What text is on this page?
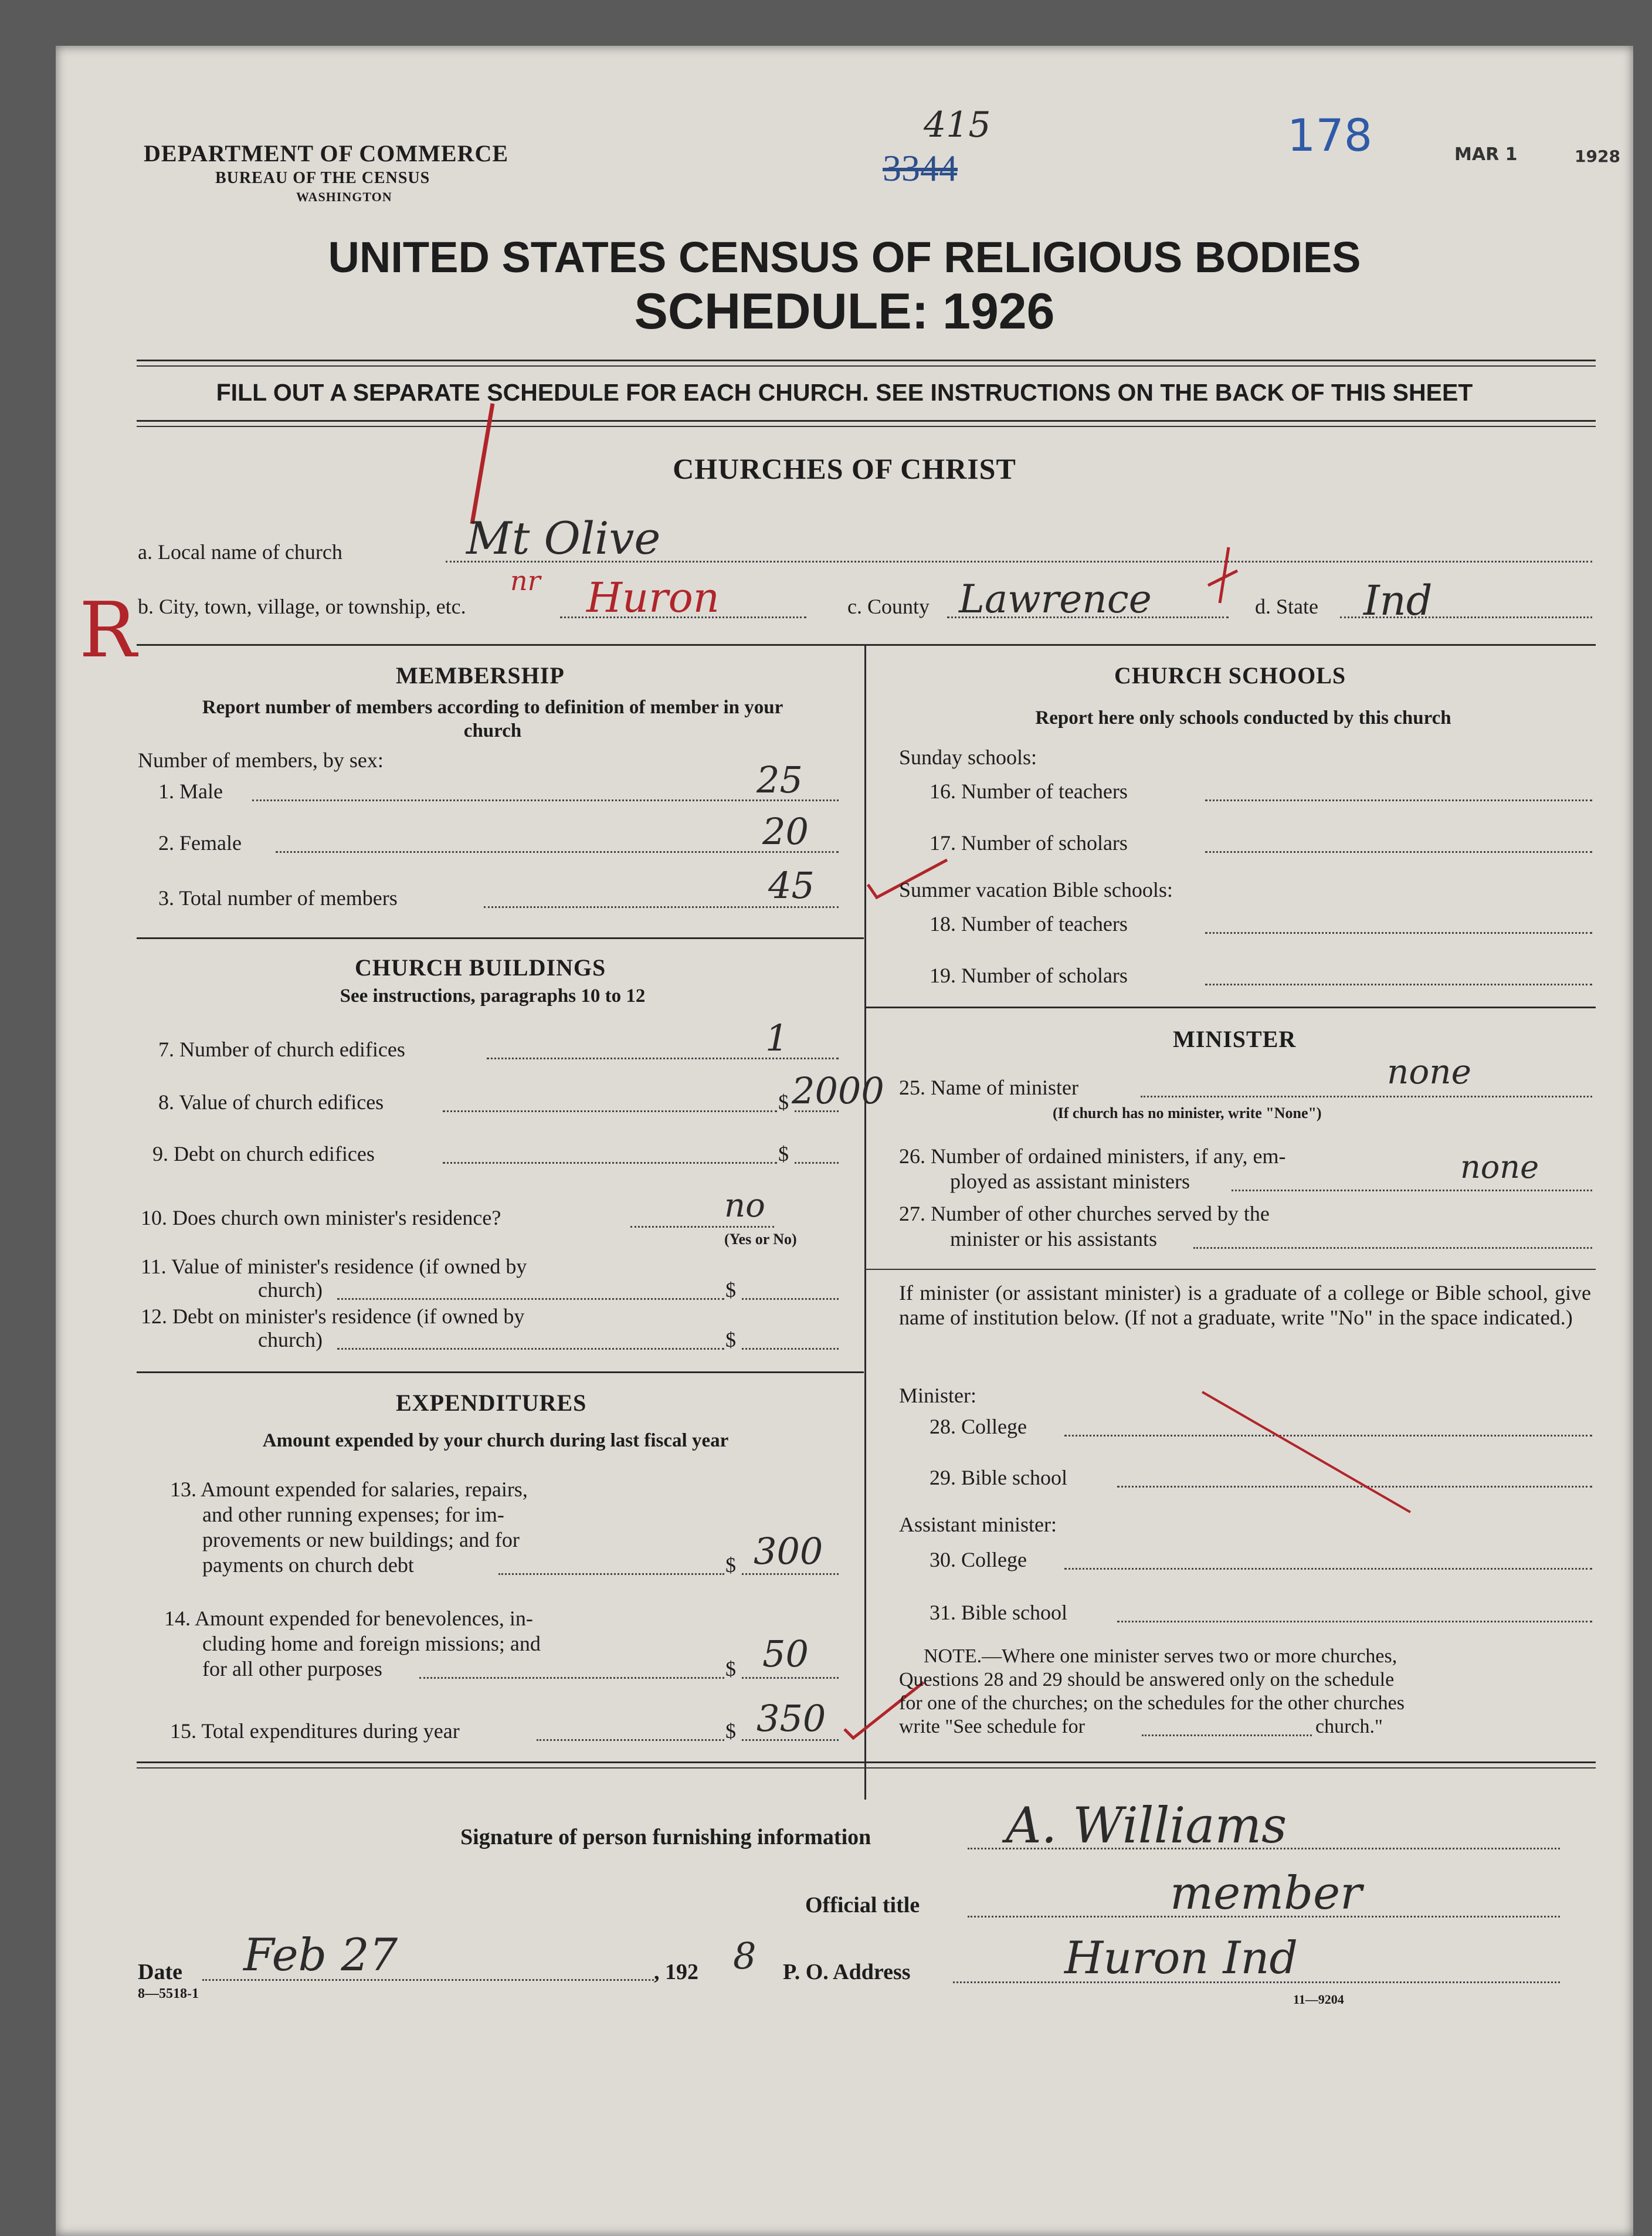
DEPARTMENT OF COMMERCE
BUREAU OF THE CENSUS
WASHINGTON
415
3344
178	MAR 1	1928
UNITED STATES CENSUS OF RELIGIOUS BODIES
SCHEDULE: 1926
FILL OUT A SEPARATE SCHEDULE FOR EACH CHURCH. SEE INSTRUCTIONS ON THE BACK OF THIS SHEET
CHURCHES OF CHRIST
a. Local name of church	Mt Olive
R b. City, town, village, or township, etc.
nr Huron	c. County Lawrence	d. State Ind
MEMBERSHIP
Report number of members according to definition of member in your church
Number of members, by sex:
1. Male	25
2. Female	20
3. Total number of members	45
CHURCH BUILDINGS
See instructions, paragraphs 10 to 12
7. Number of church edifices	1
8. Value of church edifices	$ 2000
9. Debt on church edifices	$
10. Does church own minister's residence?	no
(Yes or No)
11. Value of minister's residence (if owned by
church)	$
12. Debt on minister's residence (if owned by
church)	$
EXPENDITURES
Amount expended by your church during last fiscal year
13. Amount expended for salaries, repairs,
and other running expenses; for im-
provements or new buildings; and for
payments on church debt	$ 300
14. Amount expended for benevolences, in-
cluding home and foreign missions; and
for all other purposes	$ 50
15. Total expenditures during year	$ 350
CHURCH SCHOOLS
Report here only schools conducted by this church
Sunday schools:
16. Number of teachers
17. Number of scholars
Summer vacation Bible schools:
18. Number of teachers
19. Number of scholars
MINISTER
25. Name of minister	none
(If church has no minister, write "None")
26. Number of ordained ministers, if any, em-
ployed as assistant ministers	none
27. Number of other churches served by the
minister or his assistants
If minister (or assistant minister) is a graduate of a college or Bible school, give name of institution below. (If not a graduate, write "No" in the space indicated.)
Minister:
28. College
29. Bible school
Assistant minister:
30. College
31. Bible school
NOTE.—Where one minister serves two or more churches,
Questions 28 and 29 should be answered only on the schedule
for one of the churches; on the schedules for the other churches
write "See schedule for	church."
Signature of person furnishing information	A. Williams
Official title	member
Date Feb 27	, 192 8
8—5518-1
P. O. Address	Huron Ind
11—9204
